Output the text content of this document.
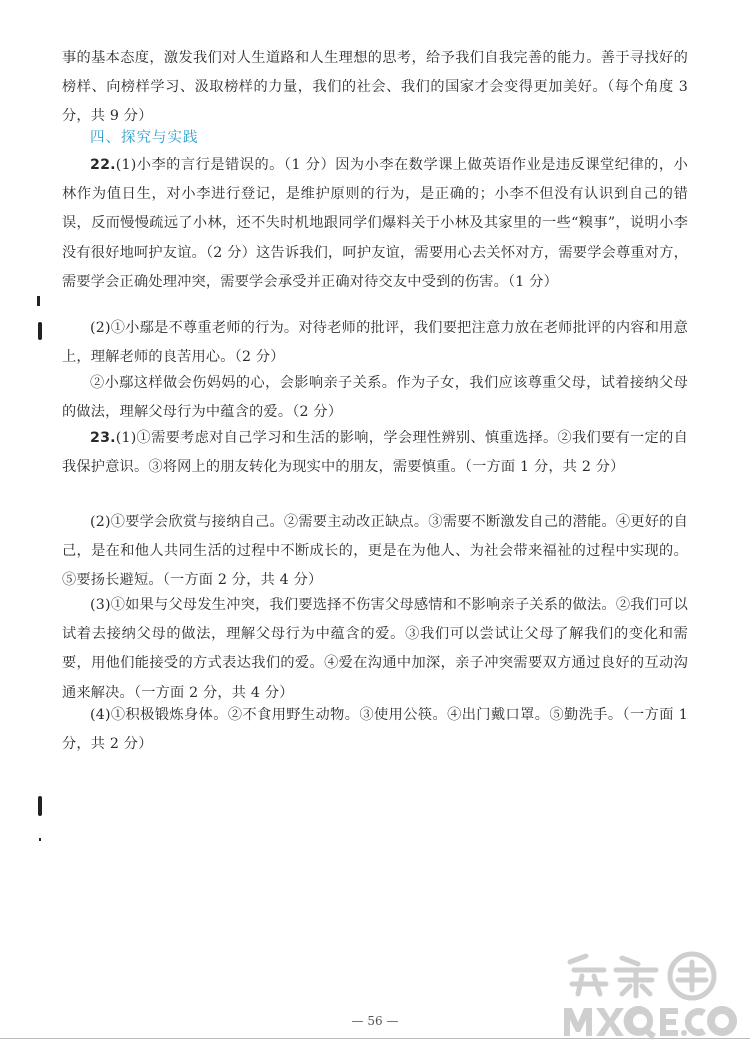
事的基本态度，激发我们对人生道路和人生理想的思考，给予我们自我完善的能力。善于寻找好的榜样、向榜样学习、汲取榜样的力量，我们的社会、我们的国家才会变得更加美好。（每个角度 3 分，共 9 分）

四、探究与实践

22.(1)小李的言行是错误的。（1 分）因为小李在数学课上做英语作业是违反课堂纪律的，小林作为值日生，对小李进行登记，是维护原则的行为，是正确的；小李不但没有认识到自己的错误，反而慢慢疏远了小林，还不失时机地跟同学们爆料关于小林及其家里的一些“糗事”，说明小李没有很好地呵护友谊。（2 分）这告诉我们，呵护友谊，需要用心去关怀对方，需要学会尊重对方，需要学会正确处理冲突，需要学会承受并正确对待交友中受到的伤害。（1 分）

(2)①小鄢是不尊重老师的行为。对待老师的批评，我们要把注意力放在老师批评的内容和用意上，理解老师的良苦用心。（2 分）

②小鄢这样做会伤妈妈的心，会影响亲子关系。作为子女，我们应该尊重父母，试着接纳父母的做法，理解父母行为中蕴含的爱。（2 分）

23.(1)①需要考虑对自己学习和生活的影响，学会理性辨别、慎重选择。②我们要有一定的自我保护意识。③将网上的朋友转化为现实中的朋友，需要慎重。（一方面 1 分，共 2 分）

(2)①要学会欣赏与接纳自己。②需要主动改正缺点。③需要不断激发自己的潜能。④更好的自己，是在和他人共同生活的过程中不断成长的，更是在为他人、为社会带来福祉的过程中实现的。⑤要扬长避短。（一方面 2 分，共 4 分）

(3)①如果与父母发生冲突，我们要选择不伤害父母感情和不影响亲子关系的做法。②我们可以试着去接纳父母的做法，理解父母行为中蕴含的爱。③我们可以尝试让父母了解我们的变化和需要，用他们能接受的方式表达我们的爱。④爱在沟通中加深，亲子冲突需要双方通过良好的互动沟通来解决。（一方面 2 分，共 4 分）

(4)①积极锻炼身体。②不食用野生动物。③使用公筷。④出门戴口罩。⑤勤洗手。（一方面 1 分，共 2 分）

— 56 —
